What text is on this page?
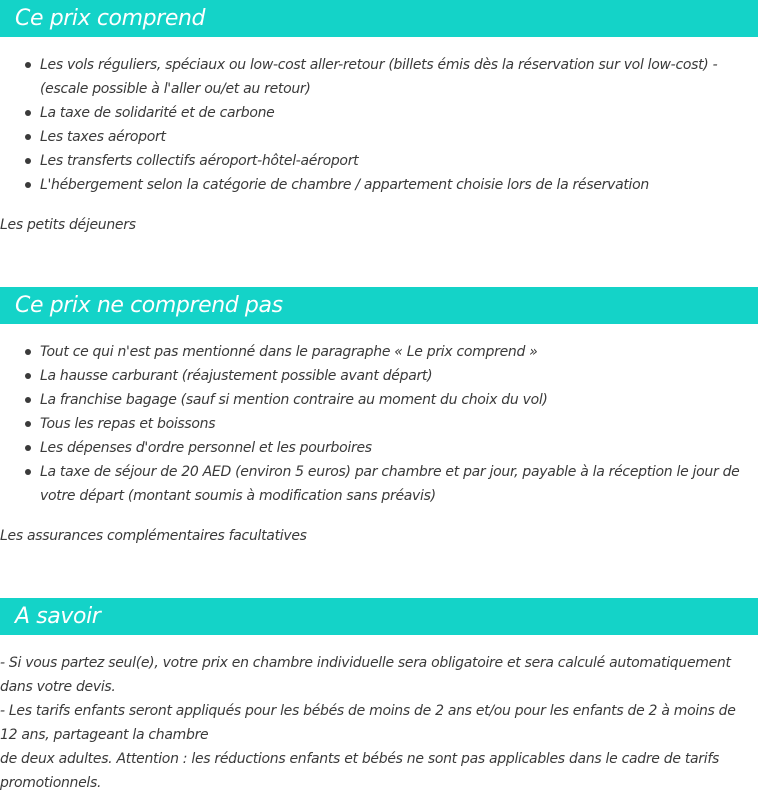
Ce prix comprend
Les vols réguliers, spéciaux ou low-cost aller-retour (billets émis dès la réservation sur vol low-cost) - (escale possible à l'aller ou/et au retour)
La taxe de solidarité et de carbone
Les taxes aéroport
Les transferts collectifs aéroport-hôtel-aéroport
L'hébergement selon la catégorie de chambre / appartement choisie lors de la réservation

Les petits déjeuners

Ce prix ne comprend pas
Tout ce qui n'est pas mentionné dans le paragraphe « Le prix comprend »
La hausse carburant (réajustement possible avant départ)
La franchise bagage (sauf si mention contraire au moment du choix du vol)
Tous les repas et boissons
Les dépenses d'ordre personnel et les pourboires
La taxe de séjour de 20 AED (environ 5 euros) par chambre et par jour, payable à la réception le jour de votre départ (montant soumis à modification sans préavis)

Les assurances complémentaires facultatives

A savoir

- Si vous partez seul(e), votre prix en chambre individuelle sera obligatoire et sera calculé automatiquement dans votre devis.

- Les tarifs enfants seront appliqués pour les bébés de moins de 2 ans et/ou pour les enfants de 2 à moins de 12 ans, partageant la chambre

de deux adultes. Attention : les réductions enfants et bébés ne sont pas applicables dans le cadre de tarifs promotionnels.
